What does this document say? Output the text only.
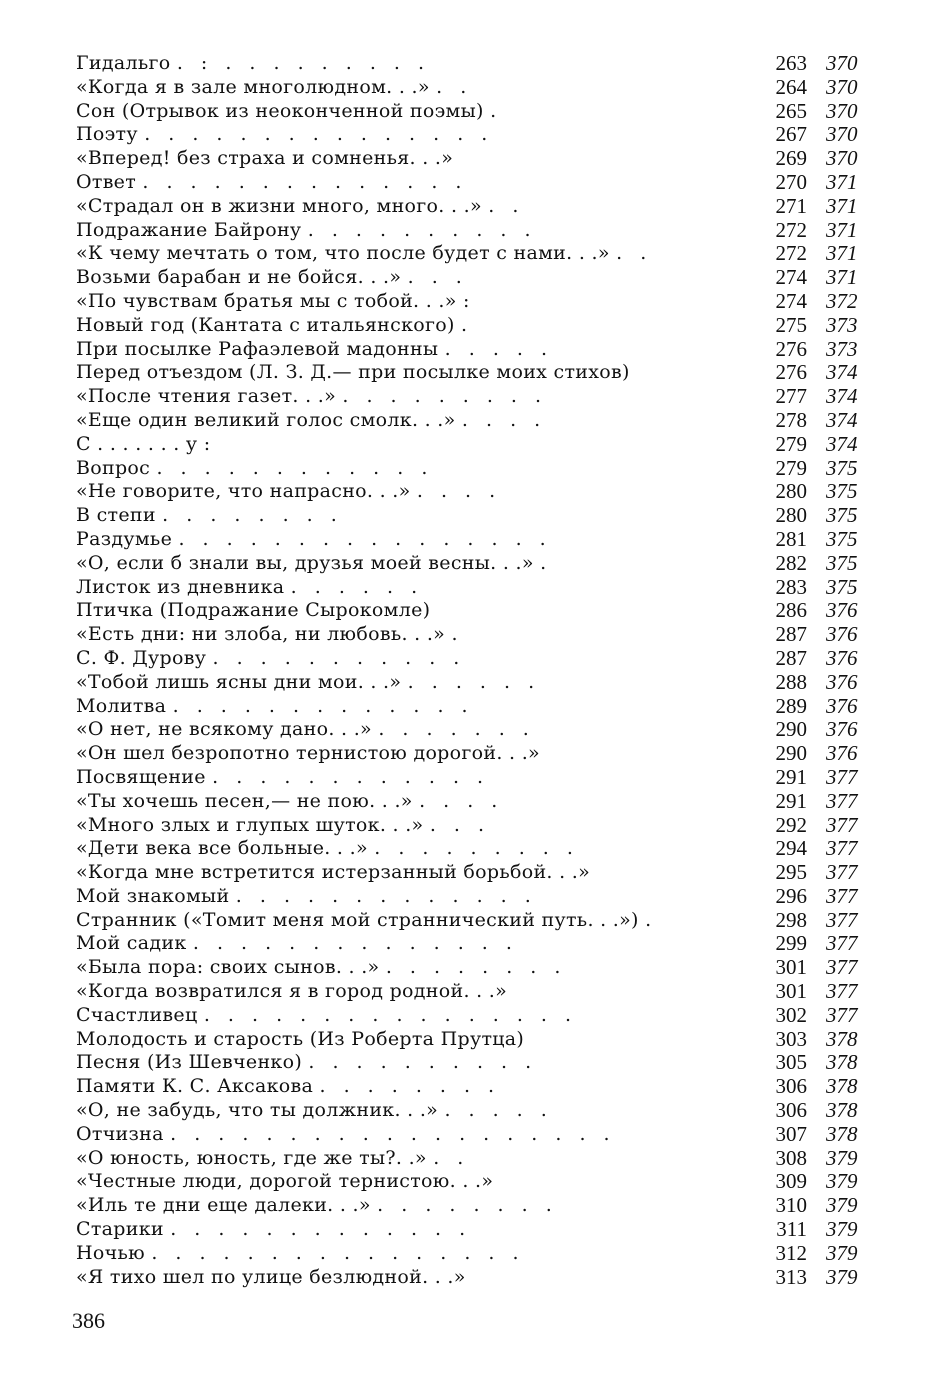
Гидальго . : . . . . . . . . .	263 370
«Когда я в зале многолюдном. . .» . .	264 370
Сон (Отрывок из неоконченной поэмы) .	265 370
Поэту . . . . . . . . . . . . . . .	267 370
«Вперед! без страха и сомненья. . .»	269 370
Ответ . . . . . . . . . . . . . .	270 371
«Страдал он в жизни много, много. . .» . .	271 371
Подражание Байрону . . . . . . . . . .	272 371
«К чему мечтать о том, что после будет с нами. . .» . .	272 371
Возьми барабан и не бойся. . .» . . .	274 371
«По чувствам братья мы с тобой. . .» :	274 372
Новый год (Кантата с итальянского) .	275 373
При посылке Рафаэлевой мадонны . . . . .	276 373
Перед отъездом (Л. З. Д.— при посылке моих стихов)	276 374
«После чтения газет. . .» . . . . . . . . .	277 374
«Еще один великий голос смолк. . .» . . . .	278 374
С . . . . . . . у :	279 374
Вопрос . . . . . . . . . . . .	279 375
«Не говорите, что напрасно. . .» . . . .	280 375
В степи . . . . . . . .	280 375
Раздумье . . . . . . . . . . . . . . . .	281 375
«О, если б знали вы, друзья моей весны. . .» .	282 375
Листок из дневника . . . . . .	283 375
Птичка (Подражание Сырокомле)	286 376
«Есть дни: ни злоба, ни любовь. . .» .	287 376
С. Ф. Дурову . . . . . . . . . . .	287 376
«Тобой лишь ясны дни мои. . .» . . . . . .	288 376
Молитва . . . . . . . . . . . . .	289 376
«О нет, не всякому дано. . .» . . . . . . .	290 376
«Он шел безропотно тернистою дорогой. . .»	290 376
Посвящение . . . . . . . . . . . .	291 377
«Ты хочешь песен,— не пою. . .» . . . .	291 377
«Много злых и глупых шуток. . .» . . .	292 377
«Дети века все больные. . .» . . . . . . . . .	294 377
«Когда мне встретится истерзанный борьбой. . .»	295 377
Мой знакомый . . . . . . . . . . . . .	296 377
Странник («Томит меня мой страннический путь. . .») .	298 377
Мой садик . . . . . . . . . . . . . .	299 377
«Была пора: своих сынов. . .» . . . . . . . .	301 377
«Когда возвратился я в город родной. . .»	301 377
Счастливец . . . . . . . . . . . . . . . .	302 377
Молодость и старость (Из Роберта Прутца)	303 378
Песня (Из Шевченко) . . . . . . . . . .	305 378
Памяти К. С. Аксакова . . . . . . . .	306 378
«О, не забудь, что ты должник. . .» . . . . .	306 378
Отчизна . . . . . . . . . . . . . . . . . . .	307 378
«О юность, юность, где же ты?. .» . .	308 379
«Честные люди, дорогой тернистою. . .»	309 379
«Иль те дни еще далеки. . .» . . . . . . . .	310 379
Старики . . . . . . . . . . . . .	311 379
Ночью . . . . . . . . . . . . . . . .	312 379
«Я тихо шел по улице безлюдной. . .»	313 379
386
